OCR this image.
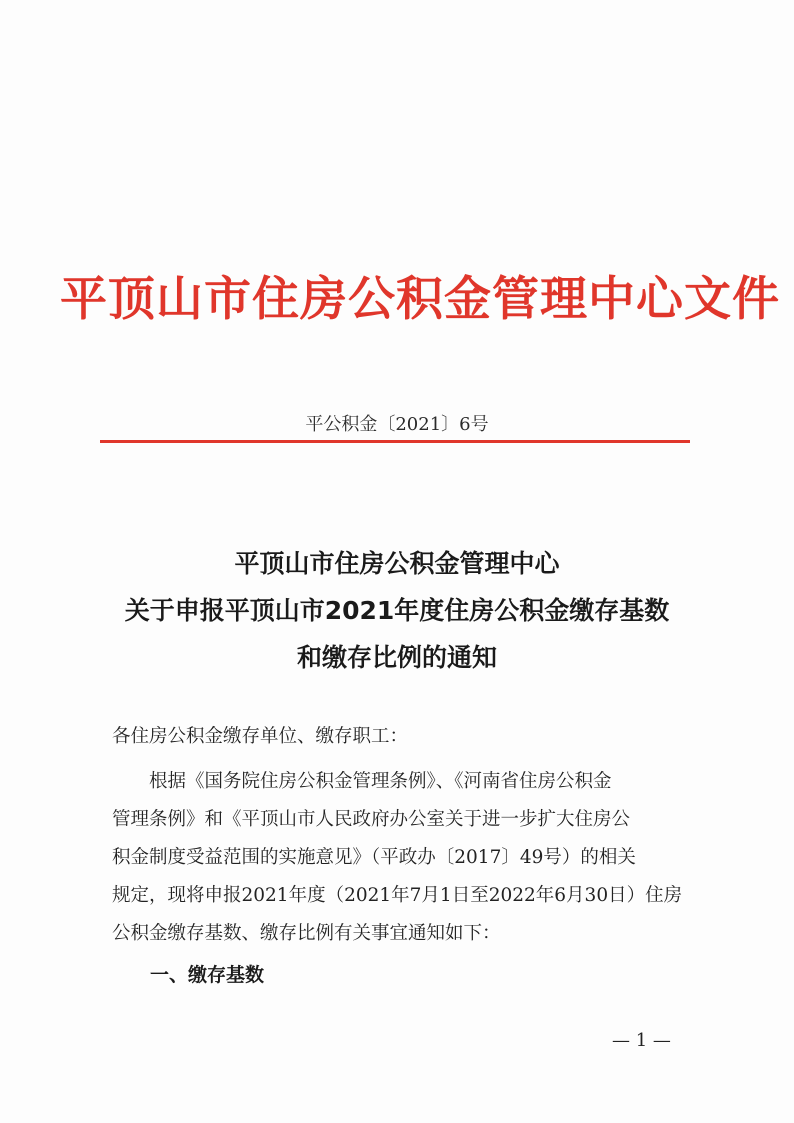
平顶山市住房公积金管理中心文件
平公积金〔2021〕6号
平顶山市住房公积金管理中心
关于申报平顶山市2021年度住房公积金缴存基数
和缴存比例的通知
各住房公积金缴存单位、缴存职工：
　　根据《国务院住房公积金管理条例》、《河南省住房公积金
管理条例》和《平顶山市人民政府办公室关于进一步扩大住房公
积金制度受益范围的实施意见》（平政办〔2017〕49号）的相关
规定，现将申报2021年度（2021年7月1日至2022年6月30日）住房
公积金缴存基数、缴存比例有关事宜通知如下：
一、缴存基数
— 1 —
